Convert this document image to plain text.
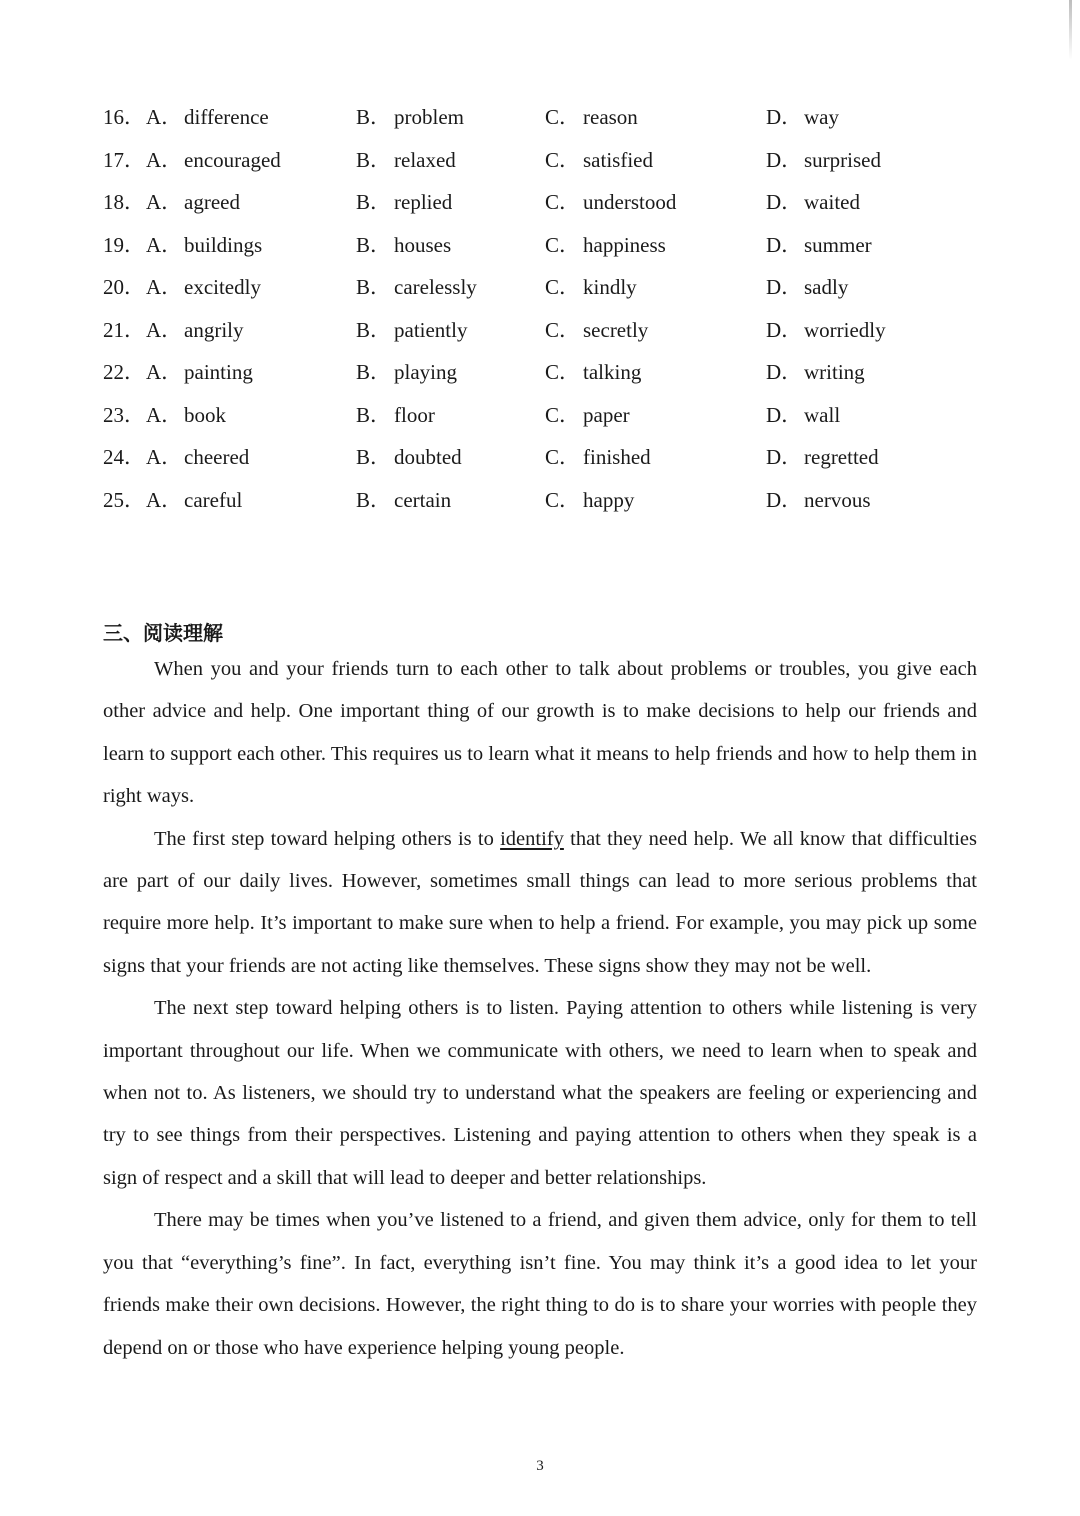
16． A．difference	B． problem	C． reason	D．way
17． A．encouraged	B． relaxed	C． satisfied	D．surprised
18． A．agreed	B． replied	C． understood	D．waited
19． A．buildings	B． houses	C． happiness	D．summer
20． A．excitedly	B． carelessly	C． kindly	D．sadly
21． A．angrily	B． patiently	C． secretly	D．worriedly
22． A．painting	B． playing	C． talking	D．writing
23． A．book	B． floor	C． paper	D．wall
24． A．cheered	B． doubted	C． finished	D．regretted
25． A．careful	B． certain	C． happy	D．nervous
三、阅读理解

When you and your friends turn to each other to talk about problems or troubles, you give each other advice and help. One important thing of our growth is to make decisions to help our friends and learn to support each other. This requires us to learn what it means to help friends and how to help them in right ways.

The first step toward helping others is to identify that they need help. We all know that difficulties are part of our daily lives. However, sometimes small things can lead to more serious problems that require more help. It’s important to make sure when to help a friend. For example, you may pick up some signs that your friends are not acting like themselves. These signs show they may not be well.

The next step toward helping others is to listen. Paying attention to others while listening is very important throughout our life. When we communicate with others, we need to learn when to speak and when not to. As listeners, we should try to understand what the speakers are feeling or experiencing and try to see things from their perspectives. Listening and paying attention to others when they speak is a sign of respect and a skill that will lead to deeper and better relationships.

There may be times when you’ve listened to a friend, and given them advice, only for them to tell you that “everything’s fine”. In fact, everything isn’t fine. You may think it’s a good idea to let your friends make their own decisions. However, the right thing to do is to share your worries with people they depend on or those who have experience helping young people.

3
